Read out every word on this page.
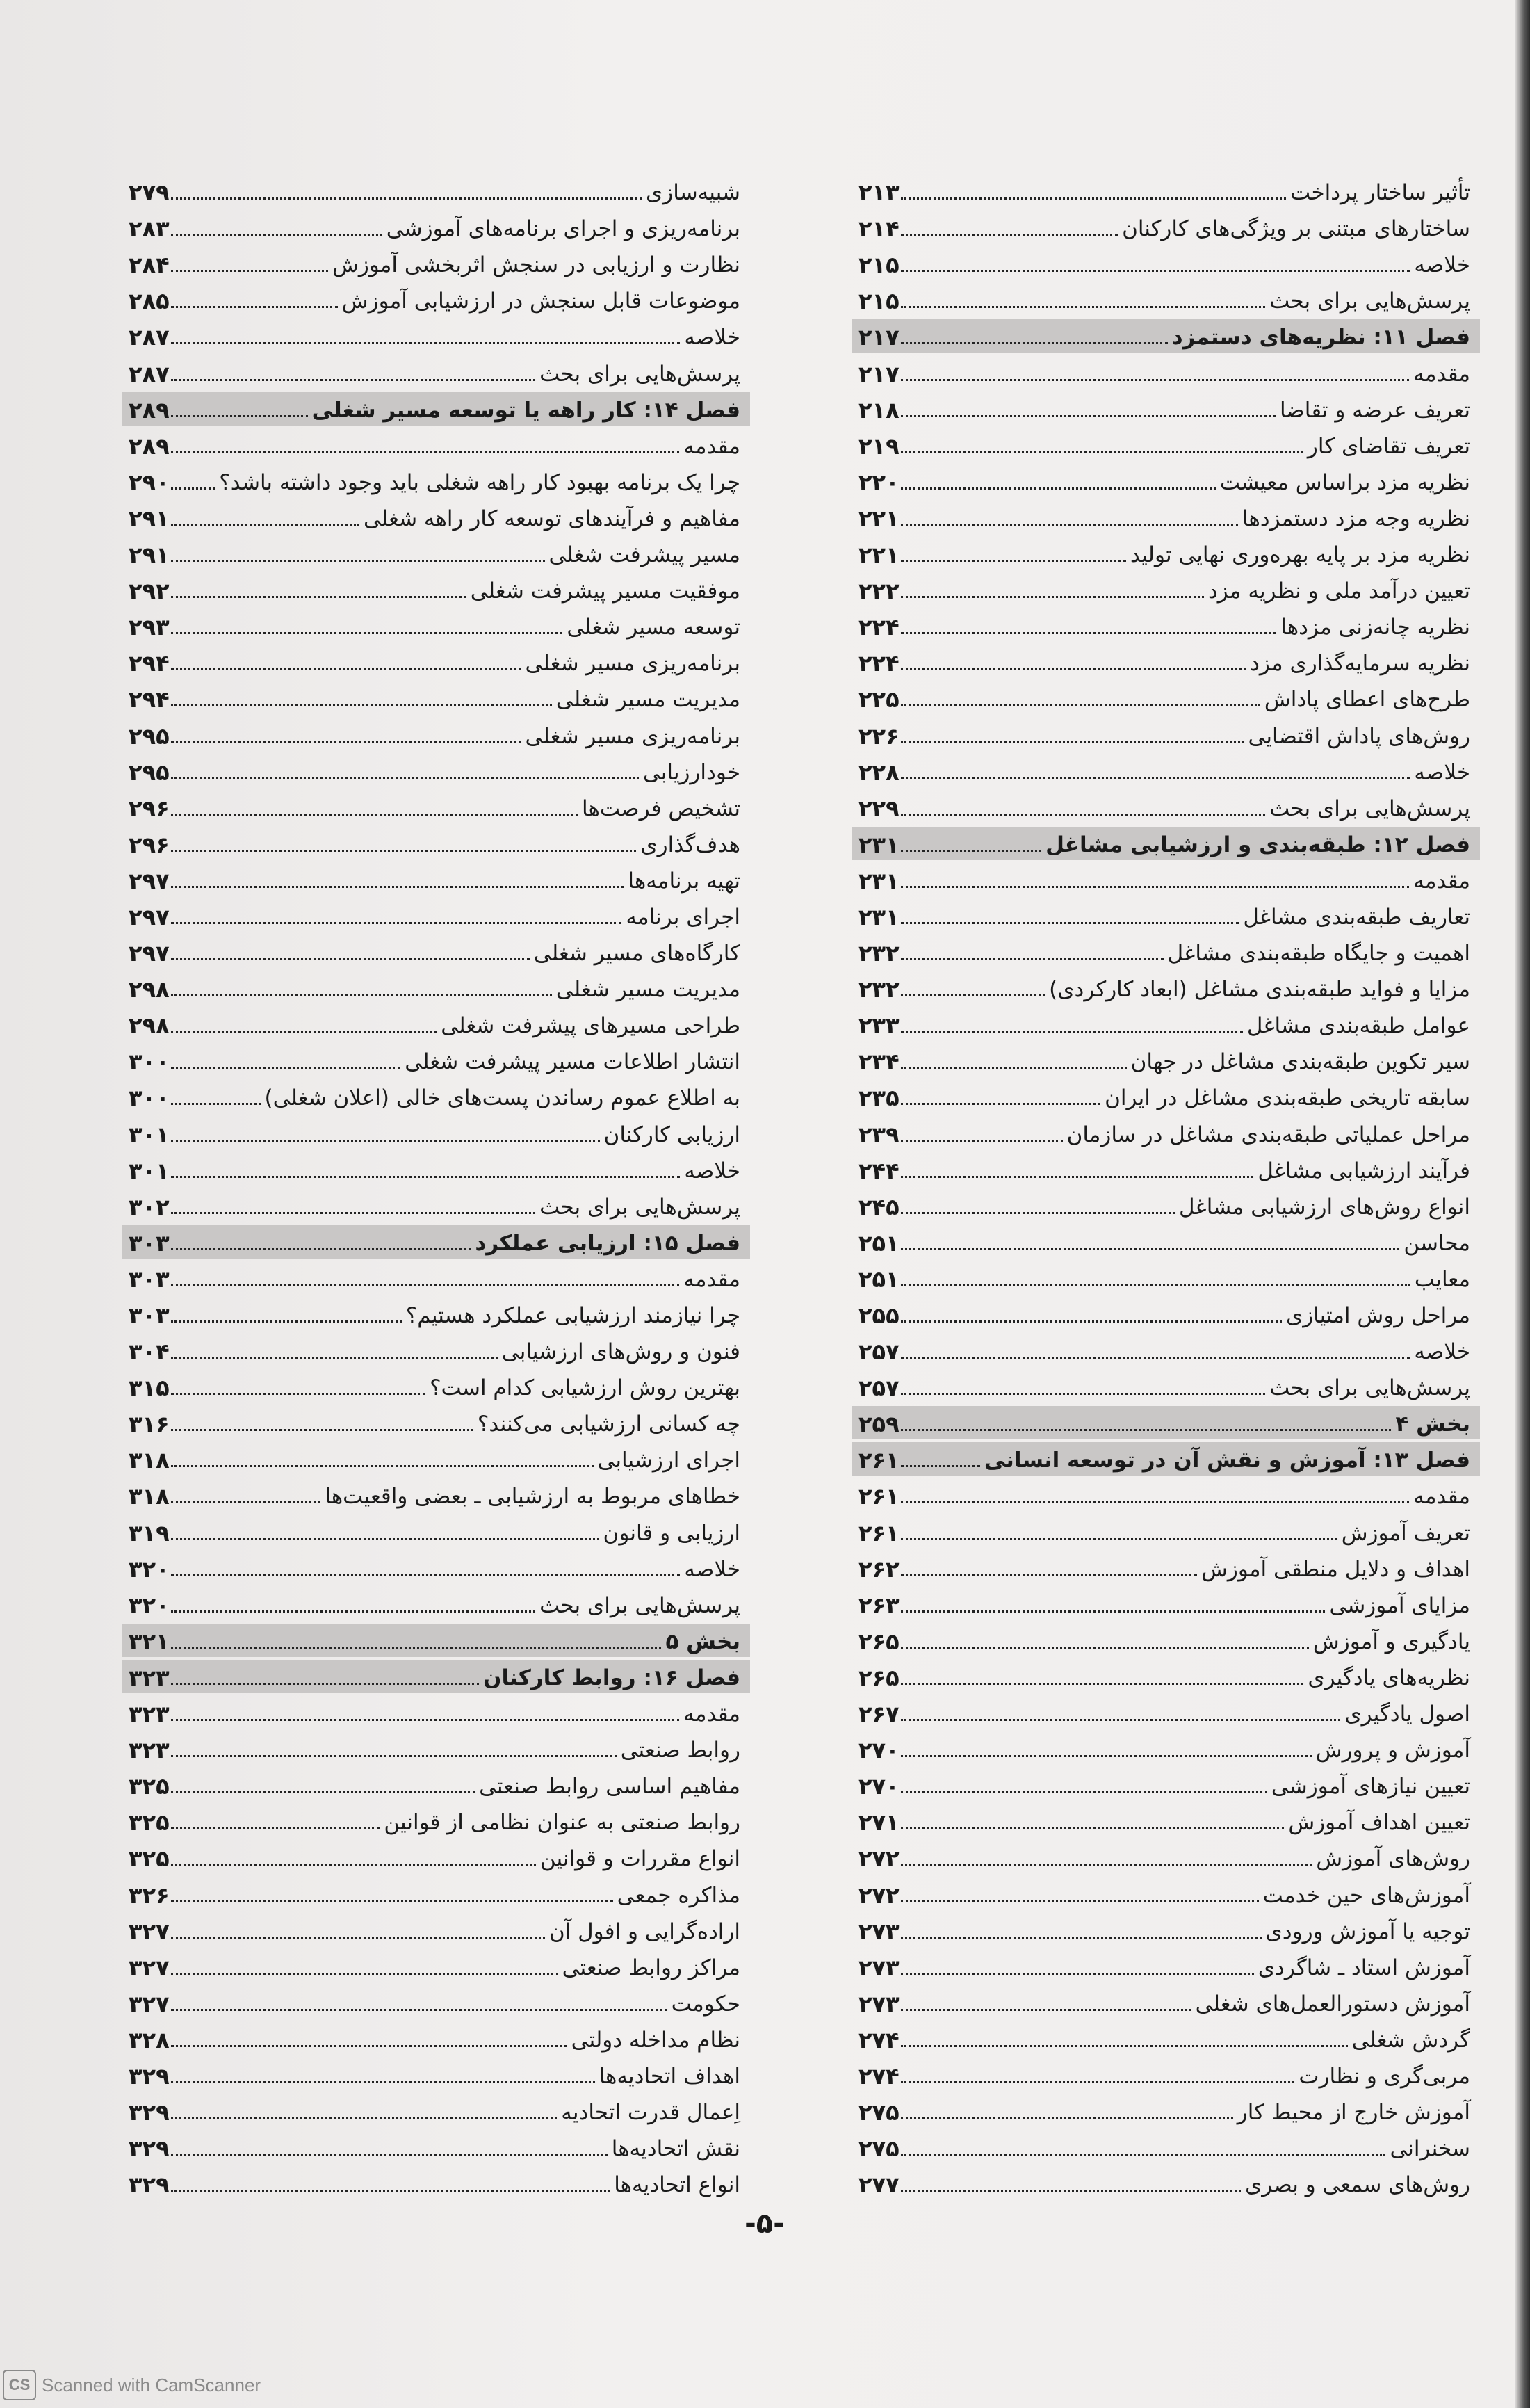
تأثیر ساختار پرداخت
۲۱۳
ساختارهای مبتنی بر ویژگی‌های کارکنان
۲۱۴
خلاصه
۲۱۵
پرسش‌هایی برای بحث
۲۱۵
فصل ۱۱: نظریه‌های دستمزد
۲۱۷
مقدمه
۲۱۷
تعریف عرضه و تقاضا
۲۱۸
تعریف تقاضای کار
۲۱۹
نظریه مزد براساس معیشت
۲۲۰
نظریه وجه مزد دستمزدها
۲۲۱
نظریه مزد بر پایه بهره‌وری نهایی تولید
۲۲۱
تعیین درآمد ملی و نظریه مزد
۲۲۲
نظریه چانه‌زنی مزدها
۲۲۴
نظریه سرمایه‌گذاری مزد
۲۲۴
طرح‌های اعطای پاداش
۲۲۵
روش‌های پاداش اقتضایی
۲۲۶
خلاصه
۲۲۸
پرسش‌هایی برای بحث
۲۲۹
فصل ۱۲: طبقه‌بندی و ارزشیابی مشاغل
۲۳۱
مقدمه
۲۳۱
تعاریف طبقه‌بندی مشاغل
۲۳۱
اهمیت و جایگاه طبقه‌بندی مشاغل
۲۳۲
مزایا و فواید طبقه‌بندی مشاغل (ابعاد کارکردی)
۲۳۲
عوامل طبقه‌بندی مشاغل
۲۳۳
سیر تکوین طبقه‌بندی مشاغل در جهان
۲۳۴
سابقه تاریخی طبقه‌بندی مشاغل در ایران
۲۳۵
مراحل عملیاتی طبقه‌بندی مشاغل در سازمان
۲۳۹
فرآیند ارزشیابی مشاغل
۲۴۴
انواع روش‌های ارزشیابی مشاغل
۲۴۵
محاسن
۲۵۱
معایب
۲۵۱
مراحل روش امتیازی
۲۵۵
خلاصه
۲۵۷
پرسش‌هایی برای بحث
۲۵۷
بخش ۴
۲۵۹
فصل ۱۳: آموزش و نقش آن در توسعه انسانی
۲۶۱
مقدمه
۲۶۱
تعریف آموزش
۲۶۱
اهداف و دلایل منطقی آموزش
۲۶۲
مزایای آموزشی
۲۶۳
یادگیری و آموزش
۲۶۵
نظریه‌های یادگیری
۲۶۵
اصول یادگیری
۲۶۷
آموزش و پرورش
۲۷۰
تعیین نیازهای آموزشی
۲۷۰
تعیین اهداف آموزش
۲۷۱
روش‌های آموزش
۲۷۲
آموزش‌های حین خدمت
۲۷۲
توجیه یا آموزش ورودی
۲۷۳
آموزش استاد ـ شاگردی
۲۷۳
آموزش دستورالعمل‌های شغلی
۲۷۳
گردش شغلی
۲۷۴
مربی‌گری و نظارت
۲۷۴
آموزش خارج از محیط کار
۲۷۵
سخنرانی
۲۷۵
روش‌های سمعی و بصری
۲۷۷
شبیه‌سازی
۲۷۹
برنامه‌ریزی و اجرای برنامه‌های آموزشی
۲۸۳
نظارت و ارزیابی در سنجش اثربخشی آموزش
۲۸۴
موضوعات قابل سنجش در ارزشیابی آموزش
۲۸۵
خلاصه
۲۸۷
پرسش‌هایی برای بحث
۲۸۷
فصل ۱۴: کار راهه یا توسعه مسیر شغلی
۲۸۹
مقدمه
۲۸۹
چرا یک برنامه بهبود کار راهه شغلی باید وجود داشته باشد؟
۲۹۰
مفاهیم و فرآیندهای توسعه کار راهه شغلی
۲۹۱
مسیر پیشرفت شغلی
۲۹۱
موفقیت مسیر پیشرفت شغلی
۲۹۲
توسعه مسیر شغلی
۲۹۳
برنامه‌ریزی مسیر شغلی
۲۹۴
مدیریت مسیر شغلی
۲۹۴
برنامه‌ریزی مسیر شغلی
۲۹۵
خودارزیابی
۲۹۵
تشخیص فرصت‌ها
۲۹۶
هدف‌گذاری
۲۹۶
تهیه برنامه‌ها
۲۹۷
اجرای برنامه
۲۹۷
کارگاه‌های مسیر شغلی
۲۹۷
مدیریت مسیر شغلی
۲۹۸
طراحی مسیرهای پیشرفت شغلی
۲۹۸
انتشار اطلاعات مسیر پیشرفت شغلی
۳۰۰
به اطلاع عموم رساندن پست‌های خالی (اعلان شغلی)
۳۰۰
ارزیابی کارکنان
۳۰۱
خلاصه
۳۰۱
پرسش‌هایی برای بحث
۳۰۲
فصل ۱۵: ارزیابی عملکرد
۳۰۳
مقدمه
۳۰۳
چرا نیازمند ارزشیابی عملکرد هستیم؟
۳۰۳
فنون و روش‌های ارزشیابی
۳۰۴
بهترین روش ارزشیابی کدام است؟
۳۱۵
چه کسانی ارزشیابی می‌کنند؟
۳۱۶
اجرای ارزشیابی
۳۱۸
خطاهای مربوط به ارزشیابی ـ بعضی واقعیت‌ها
۳۱۸
ارزیابی و قانون
۳۱۹
خلاصه
۳۲۰
پرسش‌هایی برای بحث
۳۲۰
بخش ۵
۳۲۱
فصل ۱۶: روابط کارکنان
۳۲۳
مقدمه
۳۲۳
روابط صنعتی
۳۲۳
مفاهیم اساسی روابط صنعتی
۳۲۵
روابط صنعتی به عنوان نظامی از قوانین
۳۲۵
انواع مقررات و قوانین
۳۲۵
مذاکره جمعی
۳۲۶
اراده‌گرایی و افول آن
۳۲۷
مراکز روابط صنعتی
۳۲۷
حکومت
۳۲۷
نظام مداخله دولتی
۳۲۸
اهداف اتحادیه‌ها
۳۲۹
اِعمال قدرت اتحادیه
۳۲۹
نقش اتحادیه‌ها
۳۲۹
انواع اتحادیه‌ها
۳۲۹
-۵-
CS Scanned with CamScanner
